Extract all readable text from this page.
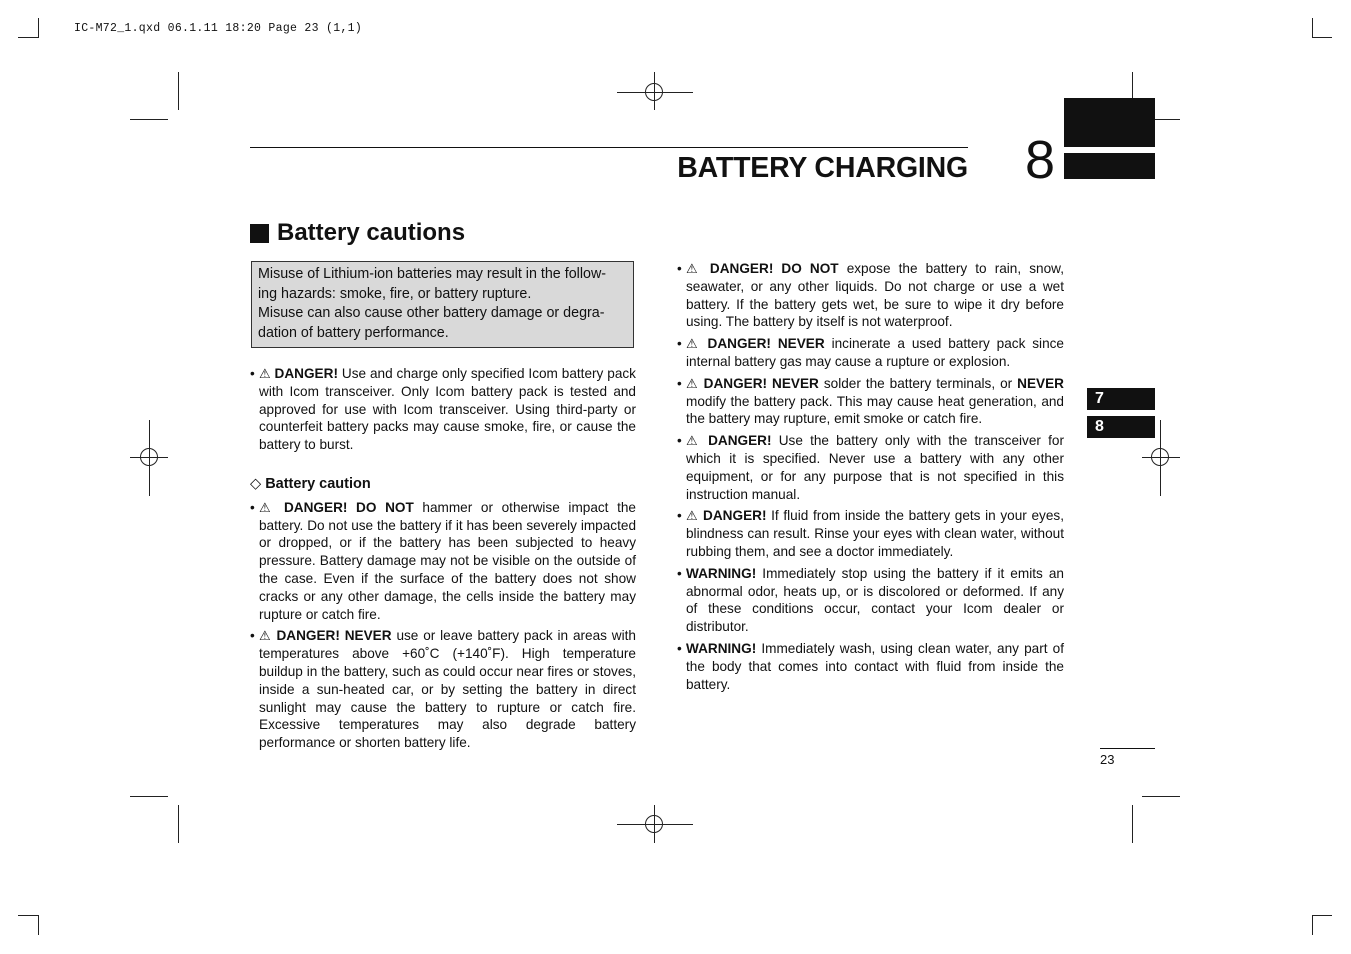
IC-M72_1.qxd 06.1.11 18:20 Page 23 (1,1)
BATTERY CHARGING 8
7
8
Battery cautions
Misuse of Lithium-ion batteries may result in the follow-
ing hazards: smoke, fire, or battery rupture.
Misuse can also cause other battery damage or degra-
dation of battery performance.
• ⚠ DANGER! Use and charge only specified Icom battery pack with Icom transceiver. Only Icom battery pack is tested and approved for use with Icom transceiver. Using third-party or counterfeit battery packs may cause smoke, fire, or cause the battery to burst.
◇ Battery caution
• ⚠ DANGER! DO NOT hammer or otherwise impact the battery. Do not use the battery if it has been severely impacted or dropped, or if the battery has been subjected to heavy pressure. Battery damage may not be visible on the outside of the case. Even if the surface of the battery does not show cracks or any other damage, the cells inside the battery may rupture or catch fire.
• ⚠ DANGER! NEVER use or leave battery pack in areas with temperatures above +60˚C (+140˚F). High temperature buildup in the battery, such as could occur near fires or stoves, inside a sun-heated car, or by setting the battery in direct sunlight may cause the battery to rupture or catch fire. Excessive temperatures may also degrade battery performance or shorten battery life.
• ⚠ DANGER! DO NOT expose the battery to rain, snow, seawater, or any other liquids. Do not charge or use a wet battery. If the battery gets wet, be sure to wipe it dry before using. The battery by itself is not waterproof.
• ⚠ DANGER! NEVER incinerate a used battery pack since internal battery gas may cause a rupture or explosion.
• ⚠ DANGER! NEVER solder the battery terminals, or NEVER modify the battery pack. This may cause heat generation, and the battery may rupture, emit smoke or catch fire.
• ⚠ DANGER! Use the battery only with the transceiver for which it is specified. Never use a battery with any other equipment, or for any purpose that is not specified in this instruction manual.
• ⚠ DANGER! If fluid from inside the battery gets in your eyes, blindness can result. Rinse your eyes with clean water, without rubbing them, and see a doctor immediately.
• WARNING! Immediately stop using the battery if it emits an abnormal odor, heats up, or is discolored or deformed. If any of these conditions occur, contact your Icom dealer or distributor.
• WARNING! Immediately wash, using clean water, any part of the body that comes into contact with fluid from inside the battery.
23
